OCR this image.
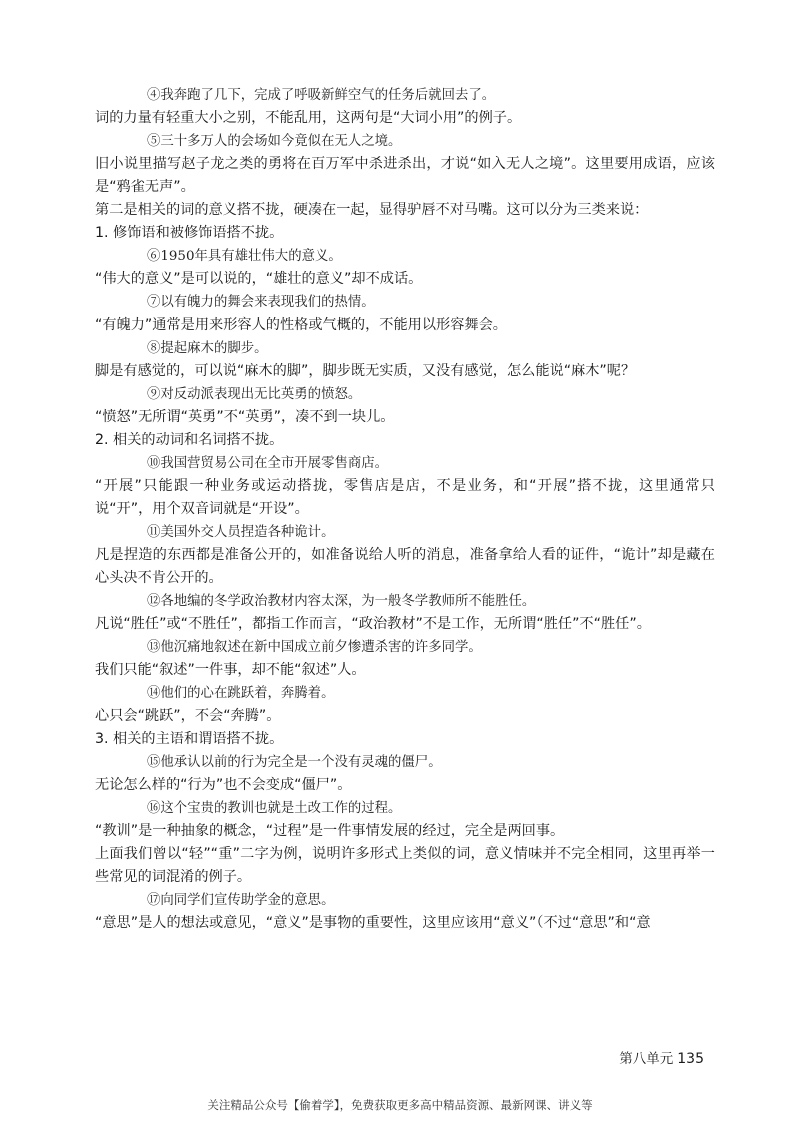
④我奔跑了几下，完成了呼吸新鲜空气的任务后就回去了。

词的力量有轻重大小之别，不能乱用，这两句是“大词小用”的例子。

⑤三十多万人的会场如今竟似在无人之境。

旧小说里描写赵子龙之类的勇将在百万军中杀进杀出，才说“如入无人之境”。这里要用成语，应该是“鸦雀无声”。

第二是相关的词的意义搭不拢，硬凑在一起，显得驴唇不对马嘴。这可以分为三类来说：

1. 修饰语和被修饰语搭不拢。

⑥1950年具有雄壮伟大的意义。

“伟大的意义”是可以说的，“雄壮的意义”却不成话。

⑦以有魄力的舞会来表现我们的热情。

“有魄力”通常是用来形容人的性格或气概的，不能用以形容舞会。

⑧提起麻木的脚步。

脚是有感觉的，可以说“麻木的脚”，脚步既无实质，又没有感觉，怎么能说“麻木”呢？

⑨对反动派表现出无比英勇的愤怒。

“愤怒”无所谓“英勇”不“英勇”，凑不到一块儿。

2. 相关的动词和名词搭不拢。

⑩我国营贸易公司在全市开展零售商店。

“开展”只能跟一种业务或运动搭拢，零售店是店，不是业务，和“开展”搭不拢，这里通常只说“开”，用个双音词就是“开设”。

⑪美国外交人员捏造各种诡计。

凡是捏造的东西都是准备公开的，如准备说给人听的消息，准备拿给人看的证件，“诡计”却是藏在心头决不肯公开的。

⑫各地编的冬学政治教材内容太深，为一般冬学教师所不能胜任。

凡说“胜任”或“不胜任”，都指工作而言，“政治教材”不是工作，无所谓“胜任”不“胜任”。

⑬他沉痛地叙述在新中国成立前夕惨遭杀害的许多同学。

我们只能“叙述”一件事，却不能“叙述”人。

⑭他们的心在跳跃着，奔腾着。

心只会“跳跃”，不会“奔腾”。

3. 相关的主语和谓语搭不拢。

⑮他承认以前的行为完全是一个没有灵魂的僵尸。

无论怎么样的“行为”也不会变成“僵尸”。

⑯这个宝贵的教训也就是土改工作的过程。

“教训”是一种抽象的概念，“过程”是一件事情发展的经过，完全是两回事。

上面我们曾以“轻”“重”二字为例，说明许多形式上类似的词，意义情味并不完全相同，这里再举一些常见的词混淆的例子。

⑰向同学们宣传助学金的意思。

“意思”是人的想法或意见，“意义”是事物的重要性，这里应该用“意义”（不过“意思”和“意

第八单元 135
关注精品公众号【偷着学】，免费获取更多高中精品资源、最新网课、讲义等
